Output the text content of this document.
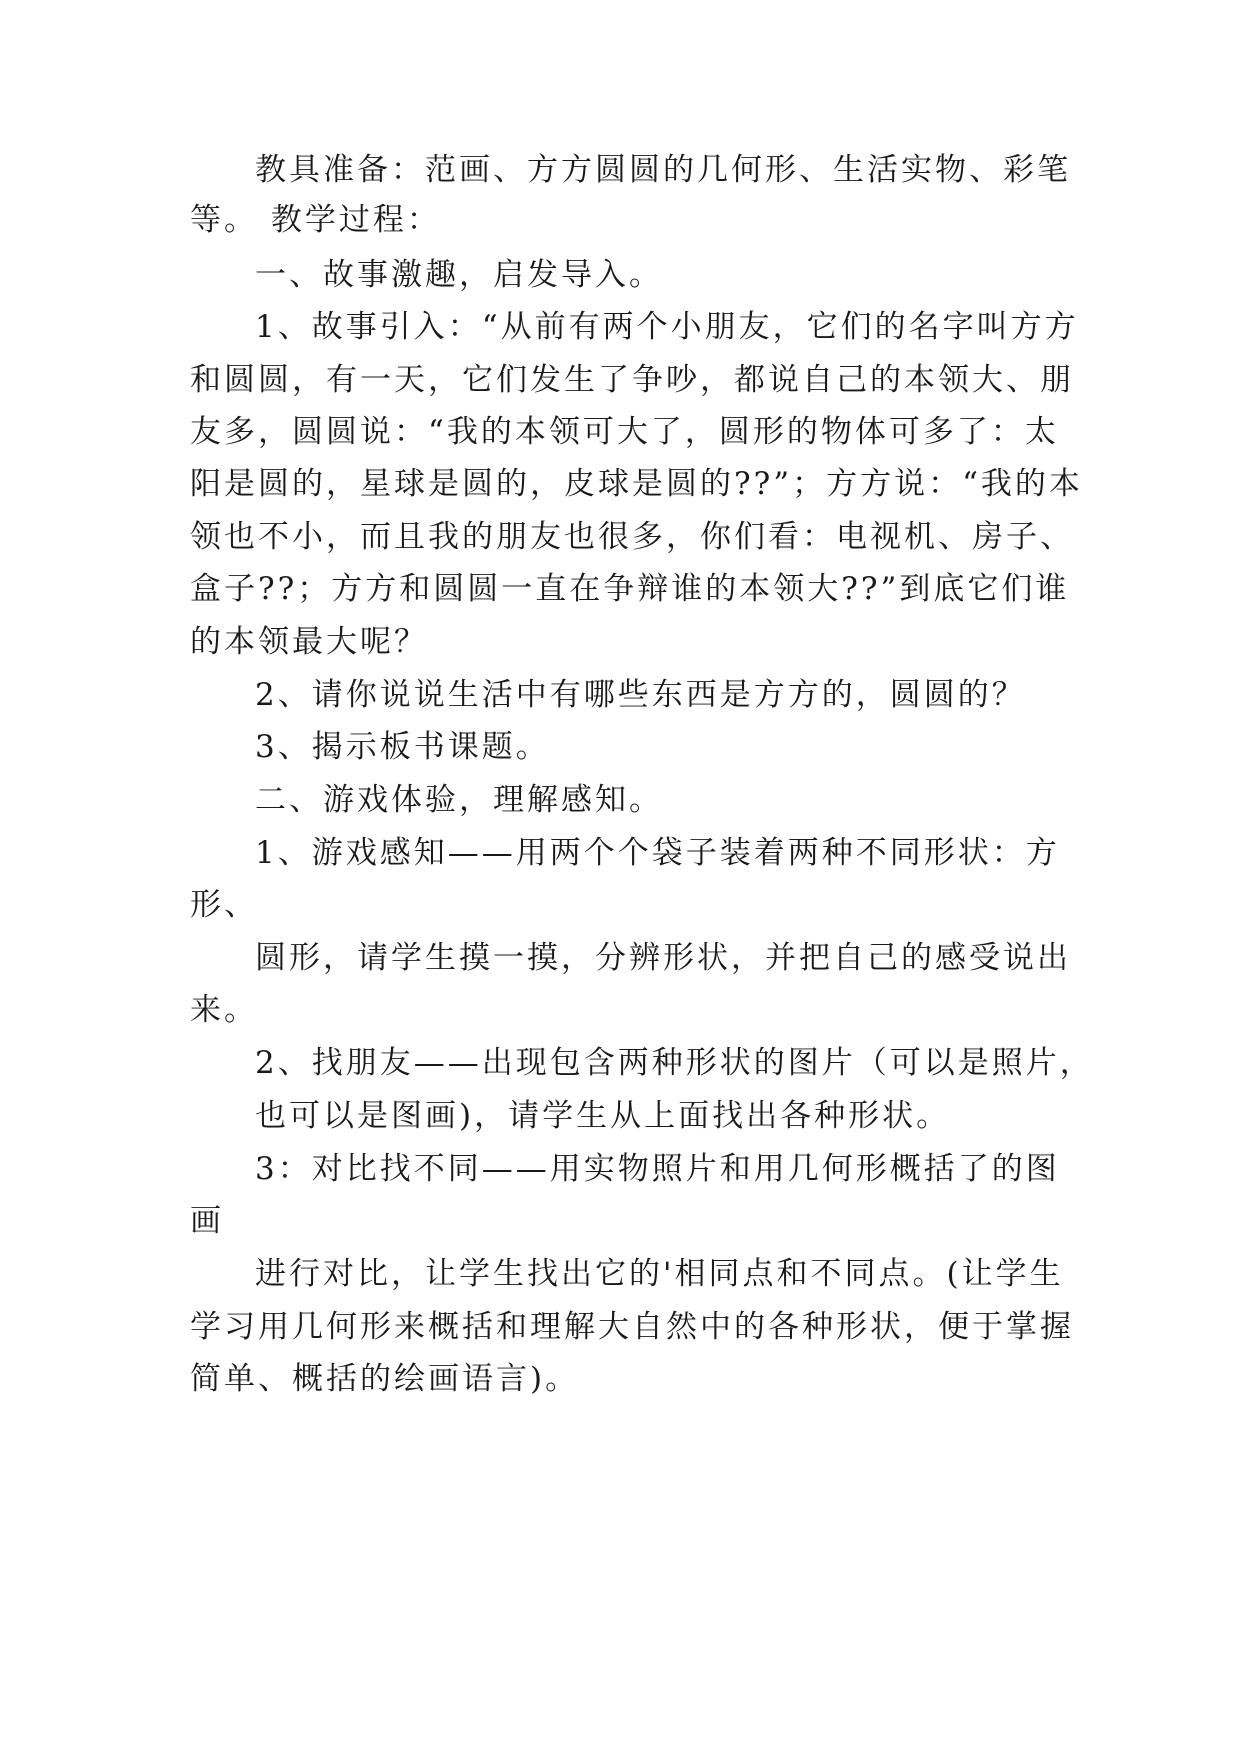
教具准备：范画、方方圆圆的几何形、生活实物、彩笔
等。 教学过程：
一、故事激趣，启发导入。
1、故事引入：“从前有两个小朋友，它们的名字叫方方
和圆圆，有一天，它们发生了争吵，都说自己的本领大、朋
友多，圆圆说：“我的本领可大了，圆形的物体可多了：太
阳是圆的，星球是圆的，皮球是圆的??”；方方说：“我的本
领也不小，而且我的朋友也很多，你们看：电视机、房子、
盒子??；方方和圆圆一直在争辩谁的本领大??”到底它们谁
的本领最大呢？
2、请你说说生活中有哪些东西是方方的，圆圆的？
3、揭示板书课题。
二、游戏体验，理解感知。
1、游戏感知——用两个个袋子装着两种不同形状：方
形、
圆形，请学生摸一摸，分辨形状，并把自己的感受说出
来。
2、找朋友——出现包含两种形状的图片（可以是照片，
也可以是图画)，请学生从上面找出各种形状。
3：对比找不同——用实物照片和用几何形概括了的图
画
进行对比，让学生找出它的'相同点和不同点。(让学生
学习用几何形来概括和理解大自然中的各种形状，便于掌握
简单、概括的绘画语言)。
